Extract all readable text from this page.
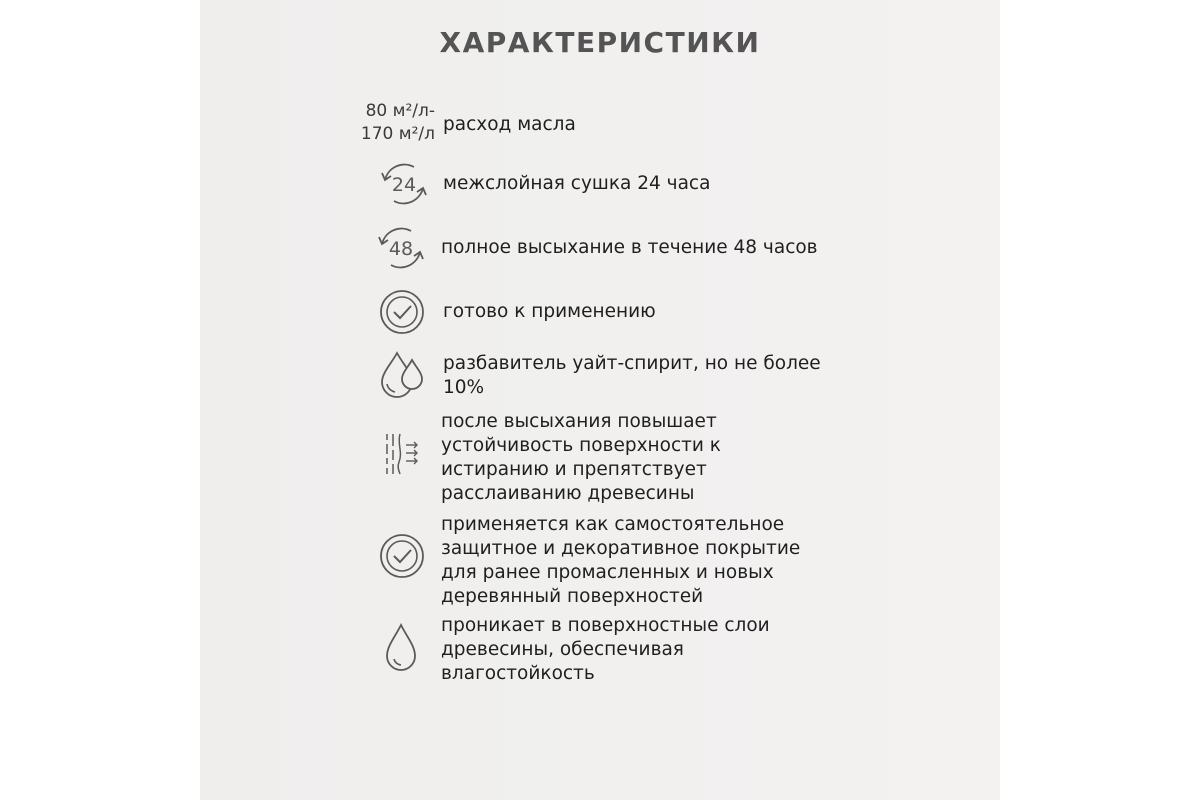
ХАРАКТЕРИСТИКИ
80 м²/л-
170 м²/л расход масла
24 межслойная сушка 24 часа
48 полное высыхание в течение 48 часов
готово к применению
разбавитель уайт-спирит, но не более
10%
после высыхания повышает
устойчивость поверхности к
истиранию и препятствует
расслаиванию древесины
применяется как самостоятельное
защитное и декоративное покрытие
для ранее промасленных и новых
деревянный поверхностей
проникает в поверхностные слои
древесины, обеспечивая
влагостойкость
